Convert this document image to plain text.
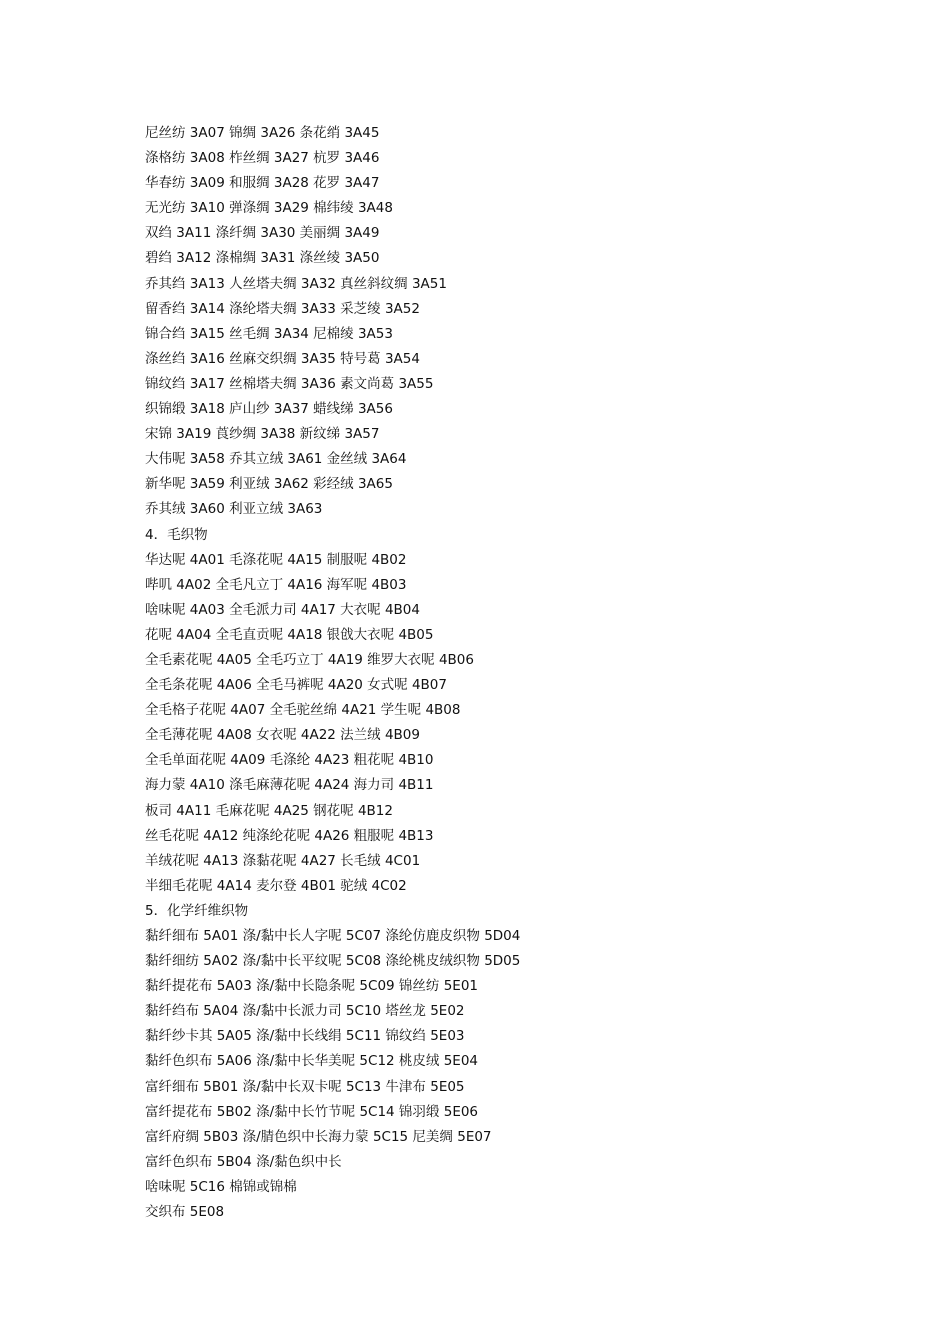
尼丝纺 3A07 锦绸 3A26 条花绡 3A45
涤格纺 3A08 柞丝绸 3A27 杭罗 3A46
华春纺 3A09 和服绸 3A28 花罗 3A47
无光纺 3A10 弹涤绸 3A29 棉纬绫 3A48
双绉 3A11 涤纤绸 3A30 美丽绸 3A49
碧绉 3A12 涤棉绸 3A31 涤丝绫 3A50
乔其绉 3A13 人丝塔夫绸 3A32 真丝斜纹绸 3A51
留香绉 3A14 涤纶塔夫绸 3A33 采芝绫 3A52
锦合绉 3A15 丝毛绸 3A34 尼棉绫 3A53
涤丝绉 3A16 丝麻交织绸 3A35 特号葛 3A54
锦纹绉 3A17 丝棉塔夫绸 3A36 素文尚葛 3A55
织锦缎 3A18 庐山纱 3A37 蜡线绨 3A56
宋锦 3A19 莨纱绸 3A38 新纹绨 3A57
大伟呢 3A58 乔其立绒 3A61 金丝绒 3A64
新华呢 3A59 利亚绒 3A62 彩经绒 3A65
乔其绒 3A60 利亚立绒 3A63
4．毛织物
华达呢 4A01 毛涤花呢 4A15 制服呢 4B02
哔叽 4A02 全毛凡立丁 4A16 海军呢 4B03
啥味呢 4A03 全毛派力司 4A17 大衣呢 4B04
花呢 4A04 全毛直贡呢 4A18 银戗大衣呢 4B05
全毛素花呢 4A05 全毛巧立丁 4A19 维罗大衣呢 4B06
全毛条花呢 4A06 全毛马裤呢 4A20 女式呢 4B07
全毛格子花呢 4A07 全毛驼丝绵 4A21 学生呢 4B08
全毛薄花呢 4A08 女衣呢 4A22 法兰绒 4B09
全毛单面花呢 4A09 毛涤纶 4A23 粗花呢 4B10
海力蒙 4A10 涤毛麻薄花呢 4A24 海力司 4B11
板司 4A11 毛麻花呢 4A25 钢花呢 4B12
丝毛花呢 4A12 纯涤纶花呢 4A26 粗服呢 4B13
羊绒花呢 4A13 涤黏花呢 4A27 长毛绒 4C01
半细毛花呢 4A14 麦尔登 4B01 驼绒 4C02
5．化学纤维织物
黏纤细布 5A01 涤/黏中长人字呢 5C07 涤纶仿鹿皮织物 5D04
黏纤细纺 5A02 涤/黏中长平纹呢 5C08 涤纶桃皮绒织物 5D05
黏纤提花布 5A03 涤/黏中长隐条呢 5C09 锦丝纺 5E01
黏纤绉布 5A04 涤/黏中长派力司 5C10 塔丝龙 5E02
黏纤纱卡其 5A05 涤/黏中长线绢 5C11 锦纹绉 5E03
黏纤色织布 5A06 涤/黏中长华美呢 5C12 桃皮绒 5E04
富纤细布 5B01 涤/黏中长双卡呢 5C13 牛津布 5E05
富纤提花布 5B02 涤/黏中长竹节呢 5C14 锦羽缎 5E06
富纤府绸 5B03 涤/腈色织中长海力蒙 5C15 尼美绸 5E07
富纤色织布 5B04 涤/黏色织中长
啥味呢 5C16 棉锦或锦棉
交织布 5E08
